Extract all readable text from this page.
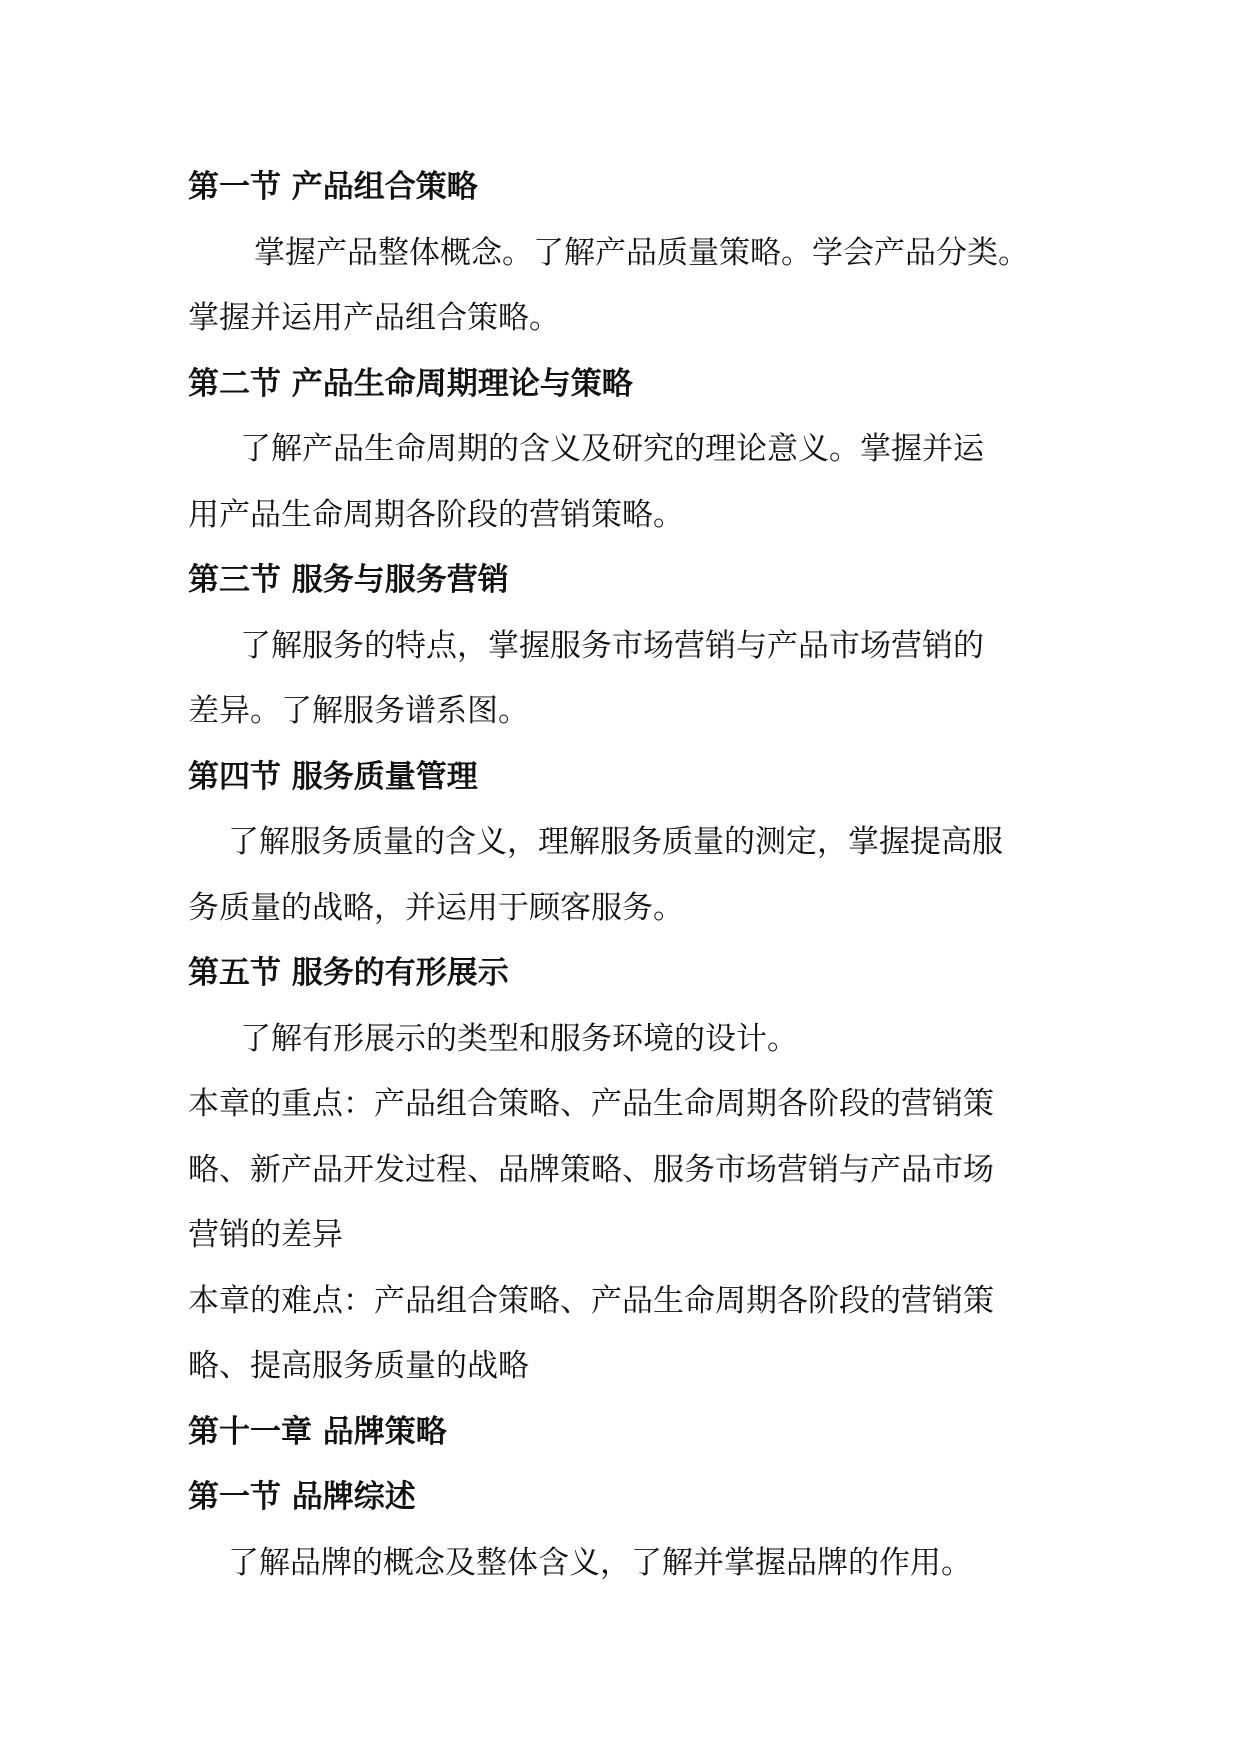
第一节 产品组合策略
掌握产品整体概念。了解产品质量策略。学会产品分类。
掌握并运用产品组合策略。
第二节 产品生命周期理论与策略
了解产品生命周期的含义及研究的理论意义。掌握并运
用产品生命周期各阶段的营销策略。
第三节 服务与服务营销
了解服务的特点，掌握服务市场营销与产品市场营销的
差异。了解服务谱系图。
第四节 服务质量管理
了解服务质量的含义，理解服务质量的测定，掌握提高服
务质量的战略，并运用于顾客服务。
第五节 服务的有形展示
了解有形展示的类型和服务环境的设计。
本章的重点：产品组合策略、产品生命周期各阶段的营销策
略、新产品开发过程、品牌策略、服务市场营销与产品市场
营销的差异
本章的难点：产品组合策略、产品生命周期各阶段的营销策
略、提高服务质量的战略
第十一章 品牌策略
第一节 品牌综述
了解品牌的概念及整体含义，了解并掌握品牌的作用。
